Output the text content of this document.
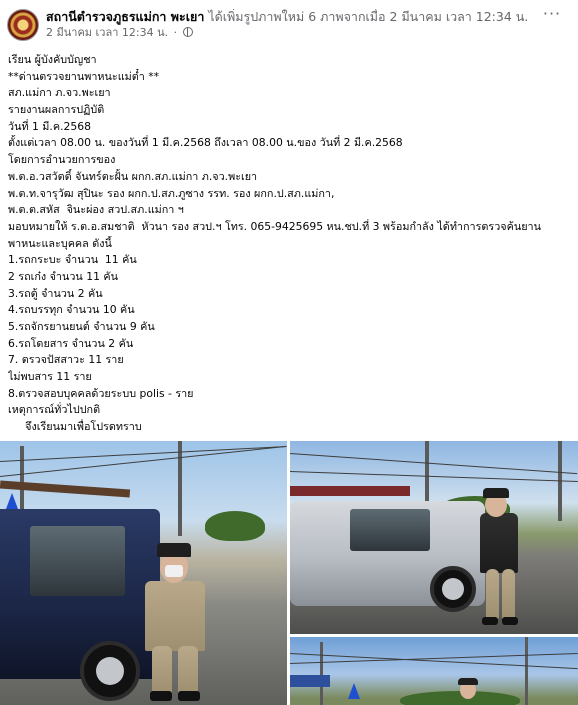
สถานีตำรวจภูธรแม่กา พะเยา ได้เพิ่มรูปภาพใหม่ 6 ภาพจากเมื่อ 2 มีนาคม เวลา 12:34 น.
2 มีนาคม เวลา 12:34 น. ·
···
เรียน ผู้บังคับบัญชา
**ด่านตรวจยานพาหนะแม่ต๋ำ **
สภ.แม่กา ภ.จว.พะเยา
รายงานผลการปฏิบัติ
วันที่ 1 มี.ค.2568
ตั้งแต่เวลา 08.00 น. ของวันที่ 1 มี.ค.2568 ถึงเวลา 08.00 น.ของ วันที่ 2 มี.ค.2568
โดยการอำนวยการของ
พ.ต.อ.วสวัตติ์ จันทร์ตะฝั้น ผกก.สภ.แม่กา ภ.จว.พะเยา
พ.ต.ท.จารุวัฒ สุปินะ รอง ผกก.ป.สภ.ภูซาง รรท. รอง ผกก.ป.สภ.แม่กา,
พ.ต.ต.สหัส  จินะผ่อง สวป.สภ.แม่กา ฯ
มอบหมายให้ ร.ต.อ.สมชาติ  หัวนา รอง สวป.ฯ โทร. 065-9425695 หน.ชป.ที่ 3 พร้อมกำลัง ได้ทำการตรวจค้นยาน
พาหนะและบุคคล ดังนี้
1.รถกระบะ จำนวน  11 คัน
2 รถเก๋ง จำนวน 11 คัน
3.รถตู้ จำนวน 2 คัน
4.รถบรรทุก จำนวน 10 คัน
5.รถจักรยานยนต์ จำนวน 9 คัน
6.รถโดยสาร จำนวน 2 คัน
7. ตรวจปัสสาวะ 11 ราย
ไม่พบสาร 11 ราย
8.ตรวจสอบบุคคลด้วยระบบ polis - ราย
เหตุการณ์ทั่วไปปกติ
จึงเรียนมาเพื่อโปรดทราบ
